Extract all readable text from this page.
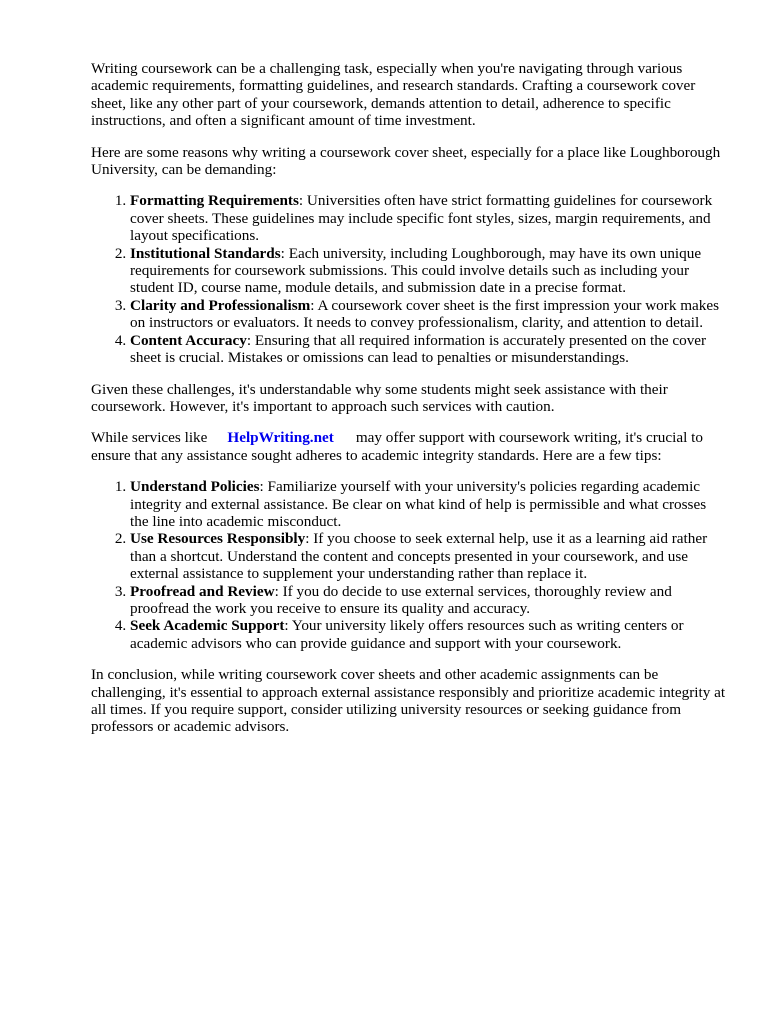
Writing coursework can be a challenging task, especially when you're navigating through various academic requirements, formatting guidelines, and research standards. Crafting a coursework cover sheet, like any other part of your coursework, demands attention to detail, adherence to specific instructions, and often a significant amount of time investment.

Here are some reasons why writing a coursework cover sheet, especially for a place like Loughborough University, can be demanding:

1. Formatting Requirements: Universities often have strict formatting guidelines for coursework cover sheets. These guidelines may include specific font styles, sizes, margin requirements, and layout specifications.
2. Institutional Standards: Each university, including Loughborough, may have its own unique requirements for coursework submissions. This could involve details such as including your student ID, course name, module details, and submission date in a precise format.
3. Clarity and Professionalism: A coursework cover sheet is the first impression your work makes on instructors or evaluators. It needs to convey professionalism, clarity, and attention to detail.
4. Content Accuracy: Ensuring that all required information is accurately presented on the cover sheet is crucial. Mistakes or omissions can lead to penalties or misunderstandings.

Given these challenges, it's understandable why some students might seek assistance with their coursework. However, it's important to approach such services with caution.

While services like HelpWriting.net may offer support with coursework writing, it's crucial to ensure that any assistance sought adheres to academic integrity standards. Here are a few tips:

1. Understand Policies: Familiarize yourself with your university's policies regarding academic integrity and external assistance. Be clear on what kind of help is permissible and what crosses the line into academic misconduct.
2. Use Resources Responsibly: If you choose to seek external help, use it as a learning aid rather than a shortcut. Understand the content and concepts presented in your coursework, and use external assistance to supplement your understanding rather than replace it.
3. Proofread and Review: If you do decide to use external services, thoroughly review and proofread the work you receive to ensure its quality and accuracy.
4. Seek Academic Support: Your university likely offers resources such as writing centers or academic advisors who can provide guidance and support with your coursework.

In conclusion, while writing coursework cover sheets and other academic assignments can be challenging, it's essential to approach external assistance responsibly and prioritize academic integrity at all times. If you require support, consider utilizing university resources or seeking guidance from professors or academic advisors.
